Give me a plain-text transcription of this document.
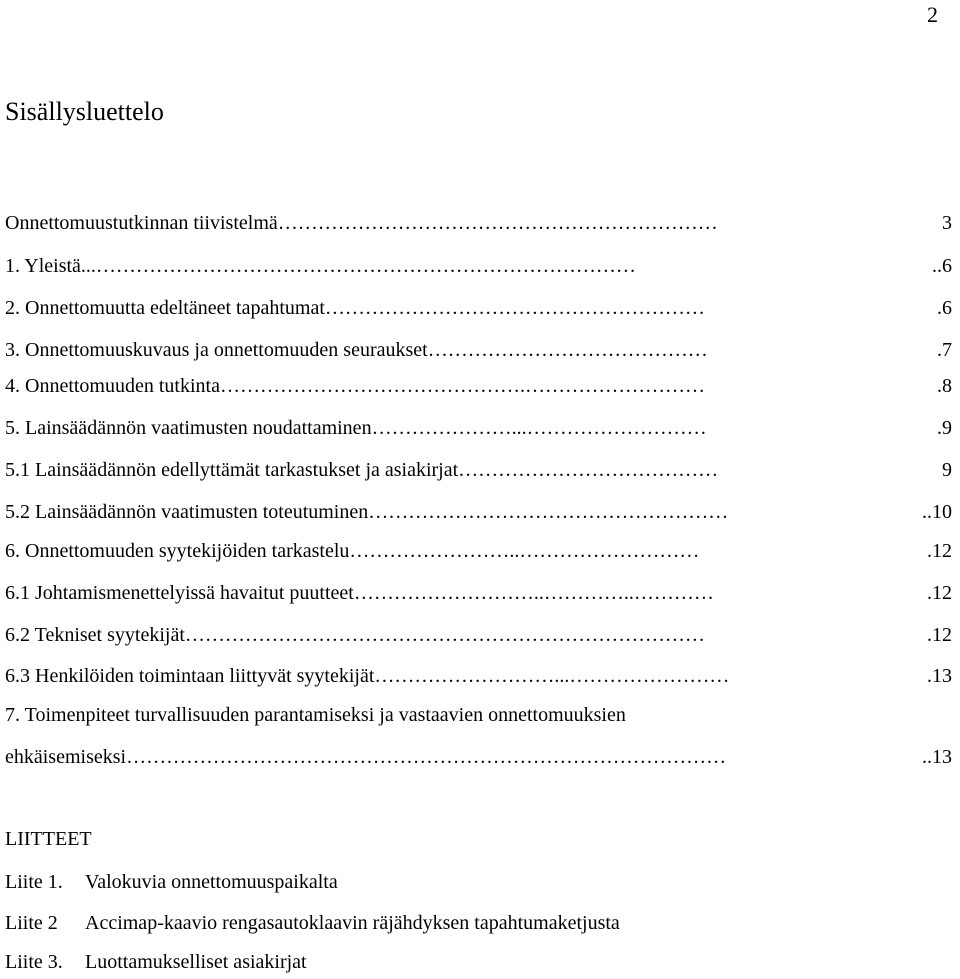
2
Sisällysluettelo
Onnettomuustutkinnan tiivistelmä…………………………………………………………	3
1. Yleistä...………………………………………………………………………	..6
2. Onnettomuutta edeltäneet tapahtumat…………………………………………………	.6
3. Onnettomuuskuvaus ja onnettomuuden seuraukset……………………………………	.7
4. Onnettomuuden tutkinta……………………………………….………………………	.8
5. Lainsäädännön vaatimusten noudattaminen…………………...………………………	.9
5.1 Lainsäädännön edellyttämät tarkastukset ja asiakirjat…………………………………	9
5.2 Lainsäädännön vaatimusten toteutuminen………………………………………………	..10
6. Onnettomuuden syytekijöiden tarkastelu……………………..………………………	.12
6.1 Johtamismenettelyissä havaitut puutteet………………………..…………..…………	.12
6.2 Tekniset syytekijät……………………………………………………………………	.12
6.3 Henkilöiden toimintaan liittyvät syytekijät………………………...……………………	.13
7. Toimenpiteet turvallisuuden parantamiseksi ja vastaavien onnettomuuksien
ehkäisemiseksi………………………………………………………………………………	..13
LIITTEET
Liite 1. Valokuvia onnettomuuspaikalta
Liite 2 Accimap-kaavio rengasautoklaavin räjähdyksen tapahtumaketjusta
Liite 3. Luottamukselliset asiakirjat
